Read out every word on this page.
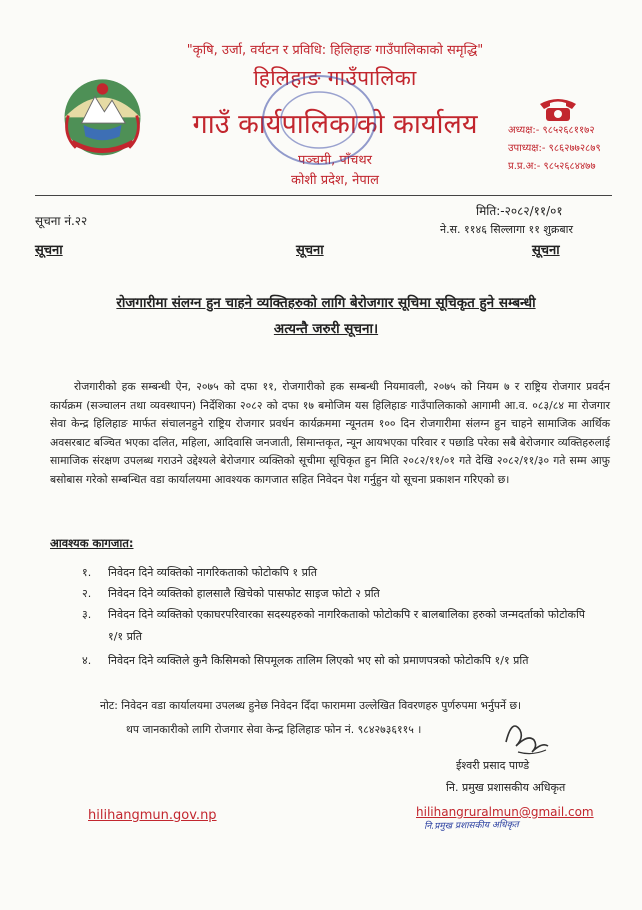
"कृषि, उर्जा, वर्यटन र प्रविधि: हिलिहाङ गाउँपालिकाको समृद्धि"
हिलिहाङ गाउँपालिका
गाउँ कार्यपालिकाको कार्यालय
पञ्चमी, पाँचथर
कोशी प्रदेश, नेपाल
अध्यक्ष:- ९८५२६८११७२
उपाध्यक्ष:- ९८६२७७२८७९
प्र.प्र.अ:- ९८५२६८४४७७
सूचना नं.२२
मिति:-२०८२/११/०१
ने.स. ११४६ सिल्लागा ११ शुक्रबार
सूचना	सूचना	सूचना
रोजगारीमा संलग्न हुन चाहने व्यक्तिहरुको लागि बेरोजगार सूचिमा सूचिकृत हुने सम्बन्धी
अत्यन्तै जरुरी सूचना।

रोजगारीको हक सम्बन्धी ऐन, २०७५ को दफा ११, रोजगारीको हक सम्बन्धी नियमावली, २०७५ को नियम ७ र राष्ट्रिय रोजगार प्रवर्दन कार्यक्रम (सञ्चालन तथा व्यवस्थापन) निर्देशिका २०८२ को दफा १७ बमोजिम यस हिलिहाङ गाउँपालिकाको आगामी आ.व. ०८३/८४ मा रोजगार सेवा केन्द्र हिलिहाङ मार्फत संचालनहुने राष्ट्रिय रोजगार प्रवर्धन कार्यक्रममा न्यूनतम १०० दिन रोजगारीमा संलग्न हुन चाहने सामाजिक आर्थिक अवसरबाट बञ्चित भएका दलित, महिला, आदिवासि जनजाती, सिमान्तकृत, न्यून आयभएका परिवार र पछाडि परेका सबै बेरोजगार व्यक्तिहरुलाई सामाजिक संरक्षण उपलब्ध गराउने उद्देश्यले बेरोजगार व्यक्तिको सूचीमा सूचिकृत हुन मिति २०८२/११/०१ गते देखि २०८२/११/३० गते सम्म आफु बसोबास गरेको सम्बन्धित वडा कार्यालयमा आवश्यक कागजात सहित निवेदन पेश गर्नुहुन यो सूचना प्रकाशन गरिएको छ।

आवश्यक कागजात:
१. निवेदन दिने व्यक्तिको नागरिकताको फोटोकपि १ प्रति
२. निवेदन दिने व्यक्तिको हालसालै खिचेको पासफोट साइज फोटो २ प्रति
३. निवेदन दिने व्यक्तिको एकाघरपरिवारका सदस्यहरुको नागरिकताको फोटोकपि र बालबालिका हरुको जन्मदर्ताको फोटोकपि
१/१ प्रति
४. निवेदन दिने व्यक्तिले कुनै किसिमको सिपमूलक तालिम लिएको भए सो को प्रमाणपत्रको फोटोकपि १/१ प्रति
नोट: निवेदन वडा कार्यालयमा उपलब्ध हुनेछ निवेदन दिँदा फाराममा उल्लेखित विवरणहरु पुर्णरुपमा भर्नुपर्ने छ।
थप जानकारीको लागि रोजगार सेवा केन्द्र हिलिहाङ फोन नं. ९८४२७३६११५ ।
ईश्वरी प्रसाद पाण्डे
नि. प्रमुख प्रशासकीय अधिकृत
hilihangmun.gov.np	hilihangruralmun@gmail.com
नि.प्रमुख प्रशासकीय अधिकृत
